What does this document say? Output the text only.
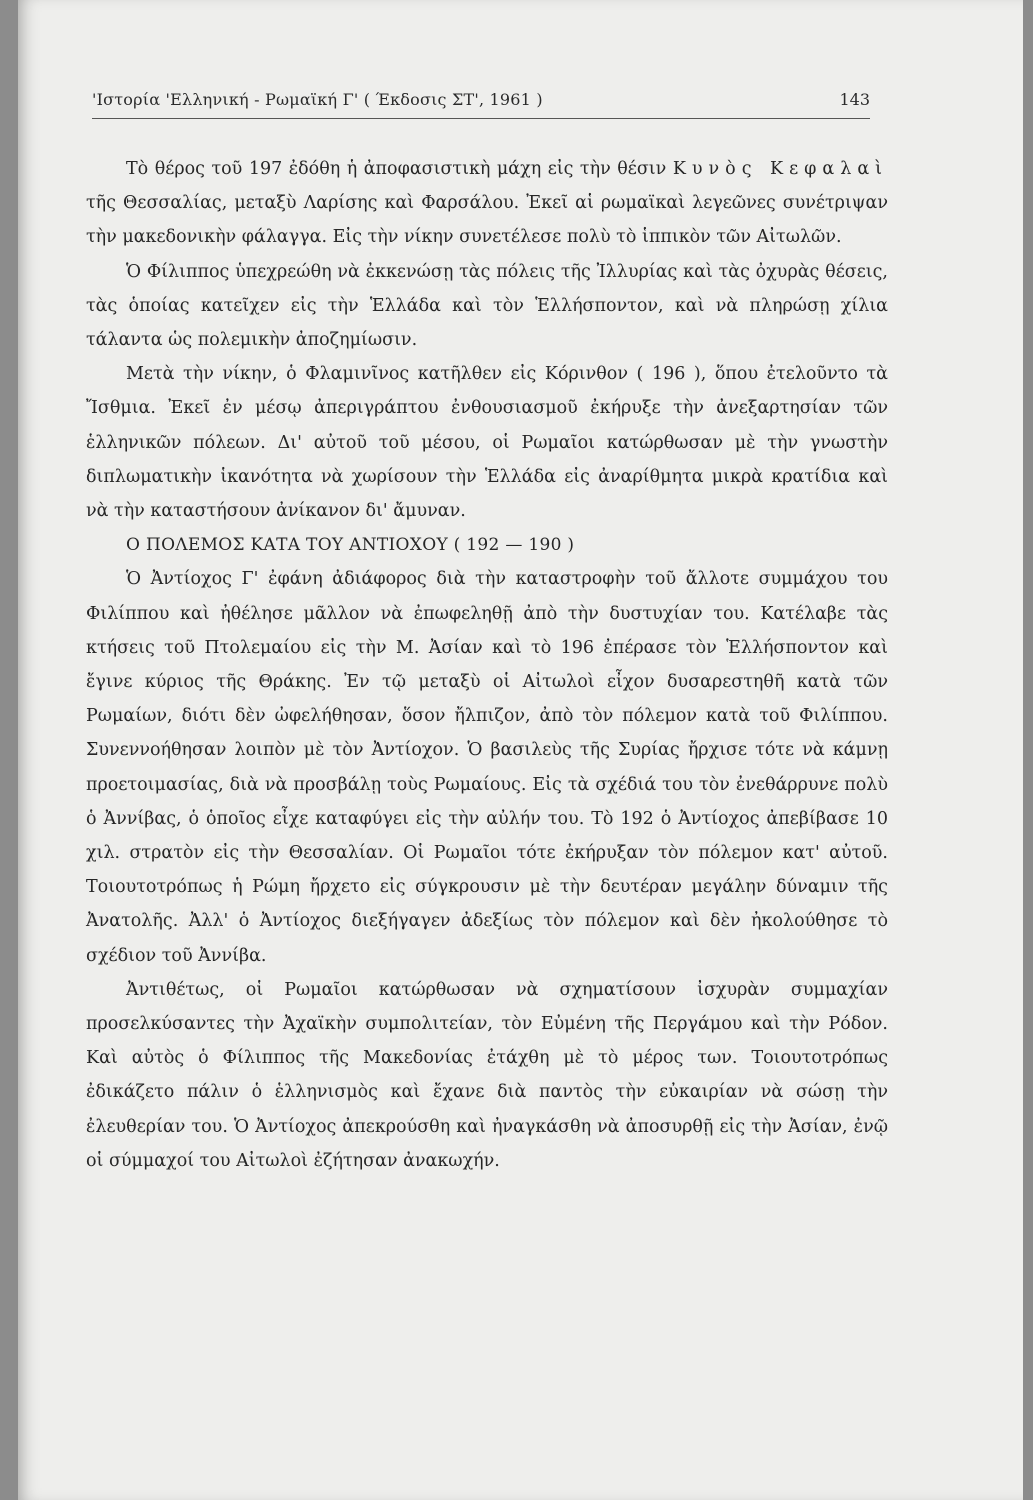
'Ιστορία 'Ελληνική - Ρωμαϊκή Γ' ( Έκδοσις ΣΤ', 1961 )	143

Τὸ θέρος τοῦ 197 ἐδόθη ἡ ἀποφασιστικὴ μάχη εἰς τὴν θέσιν Κυνὸς Κεφαλαὶ τῆς Θεσσαλίας, μεταξὺ Λαρίσης καὶ Φαρσάλου. Ἐκεῖ αἱ ρωμαϊκαὶ λεγεῶνες συνέτριψαν τὴν μακεδονικὴν φάλαγγα. Εἰς τὴν νίκην συνετέλεσε πολὺ τὸ ἱππικὸν τῶν Αἰτωλῶν.

Ὁ Φίλιππος ὑπεχρεώθη νὰ ἐκκενώσῃ τὰς πόλεις τῆς Ἰλλυρίας καὶ τὰς ὀχυρὰς θέσεις, τὰς ὁποίας κατεῖχεν εἰς τὴν Ἑλλάδα καὶ τὸν Ἑλλήσποντον, καὶ νὰ πληρώσῃ χίλια τάλαντα ὡς πολεμικὴν ἀποζημίωσιν.

Μετὰ τὴν νίκην, ὁ Φλαμινῖνος κατῆλθεν εἰς Κόρινθον ( 196 ), ὅπου ἐτελοῦντο τὰ Ἴσθμια. Ἐκεῖ ἐν μέσῳ ἀπεριγράπτου ἐνθουσιασμοῦ ἐκήρυξε τὴν ἀνεξαρτησίαν τῶν ἑλληνικῶν πόλεων. Δι' αὐτοῦ τοῦ μέσου, οἱ Ρωμαῖοι κατώρθωσαν μὲ τὴν γνωστὴν διπλωματικὴν ἱκανότητα νὰ χωρίσουν τὴν Ἑλλάδα εἰς ἀναρίθμητα μικρὰ κρατίδια καὶ νὰ τὴν καταστήσουν ἀνίκανον δι' ἄμυναν.

Ο ΠΟΛΕΜΟΣ ΚΑΤΑ ΤΟΥ ΑΝΤΙΟΧΟΥ ( 192 — 190 )

Ὁ Ἀντίοχος Γ' ἐφάνη ἀδιάφορος διὰ τὴν καταστροφὴν τοῦ ἄλλοτε συμμάχου του Φιλίππου καὶ ἠθέλησε μᾶλλον νὰ ἐπωφεληθῇ ἀπὸ τὴν δυστυχίαν του. Κατέλαβε τὰς κτήσεις τοῦ Πτολεμαίου εἰς τὴν Μ. Ἀσίαν καὶ τὸ 196 ἐπέρασε τὸν Ἑλλήσποντον καὶ ἔγινε κύριος τῆς Θράκης. Ἐν τῷ μεταξὺ οἱ Αἰτωλοὶ εἶχον δυσαρεστηθῆ κατὰ τῶν Ρωμαίων, διότι δὲν ὠφελήθησαν, ὅσον ἤλπιζον, ἀπὸ τὸν πόλεμον κατὰ τοῦ Φιλίππου. Συνεννοήθησαν λοιπὸν μὲ τὸν Ἀντίοχον. Ὁ βασιλεὺς τῆς Συρίας ἤρχισε τότε νὰ κάμνῃ προετοιμασίας, διὰ νὰ προσβάλῃ τοὺς Ρωμαίους. Εἰς τὰ σχέδιά του τὸν ἐνεθάρρυνε πολὺ ὁ Ἀννίβας, ὁ ὁποῖος εἶχε καταφύγει εἰς τὴν αὐλήν του. Τὸ 192 ὁ Ἀντίοχος ἀπεβίβασε 10 χιλ. στρατὸν εἰς τὴν Θεσσαλίαν. Οἱ Ρωμαῖοι τότε ἐκήρυξαν τὸν πόλεμον κατ' αὐτοῦ. Τοιουτοτρόπως ἡ Ρώμη ἤρχετο εἰς σύγκρουσιν μὲ τὴν δευτέραν μεγάλην δύναμιν τῆς Ἀνατολῆς. Ἀλλ' ὁ Ἀντίοχος διεξήγαγεν ἀδεξίως τὸν πόλεμον καὶ δὲν ἠκολούθησε τὸ σχέδιον τοῦ Ἀννίβα.

Ἀντιθέτως, οἱ Ρωμαῖοι κατώρθωσαν νὰ σχηματίσουν ἰσχυρὰν συμμαχίαν προσελκύσαντες τὴν Ἀχαϊκὴν συμπολιτείαν, τὸν Εὐμένη τῆς Περγάμου καὶ τὴν Ρόδον. Καὶ αὐτὸς ὁ Φίλιππος τῆς Μακεδονίας ἐτάχθη μὲ τὸ μέρος των. Τοιουτοτρόπως ἐδικάζετο πάλιν ὁ ἑλληνισμὸς καὶ ἔχανε διὰ παντὸς τὴν εὐκαιρίαν νὰ σώσῃ τὴν ἐλευθερίαν του. Ὁ Ἀντίοχος ἀπεκρούσθη καὶ ἠναγκάσθη νὰ ἀποσυρθῇ εἰς τὴν Ἀσίαν, ἐνῷ οἱ σύμμαχοί του Αἰτωλοὶ ἐζήτησαν ἀνακωχήν.
